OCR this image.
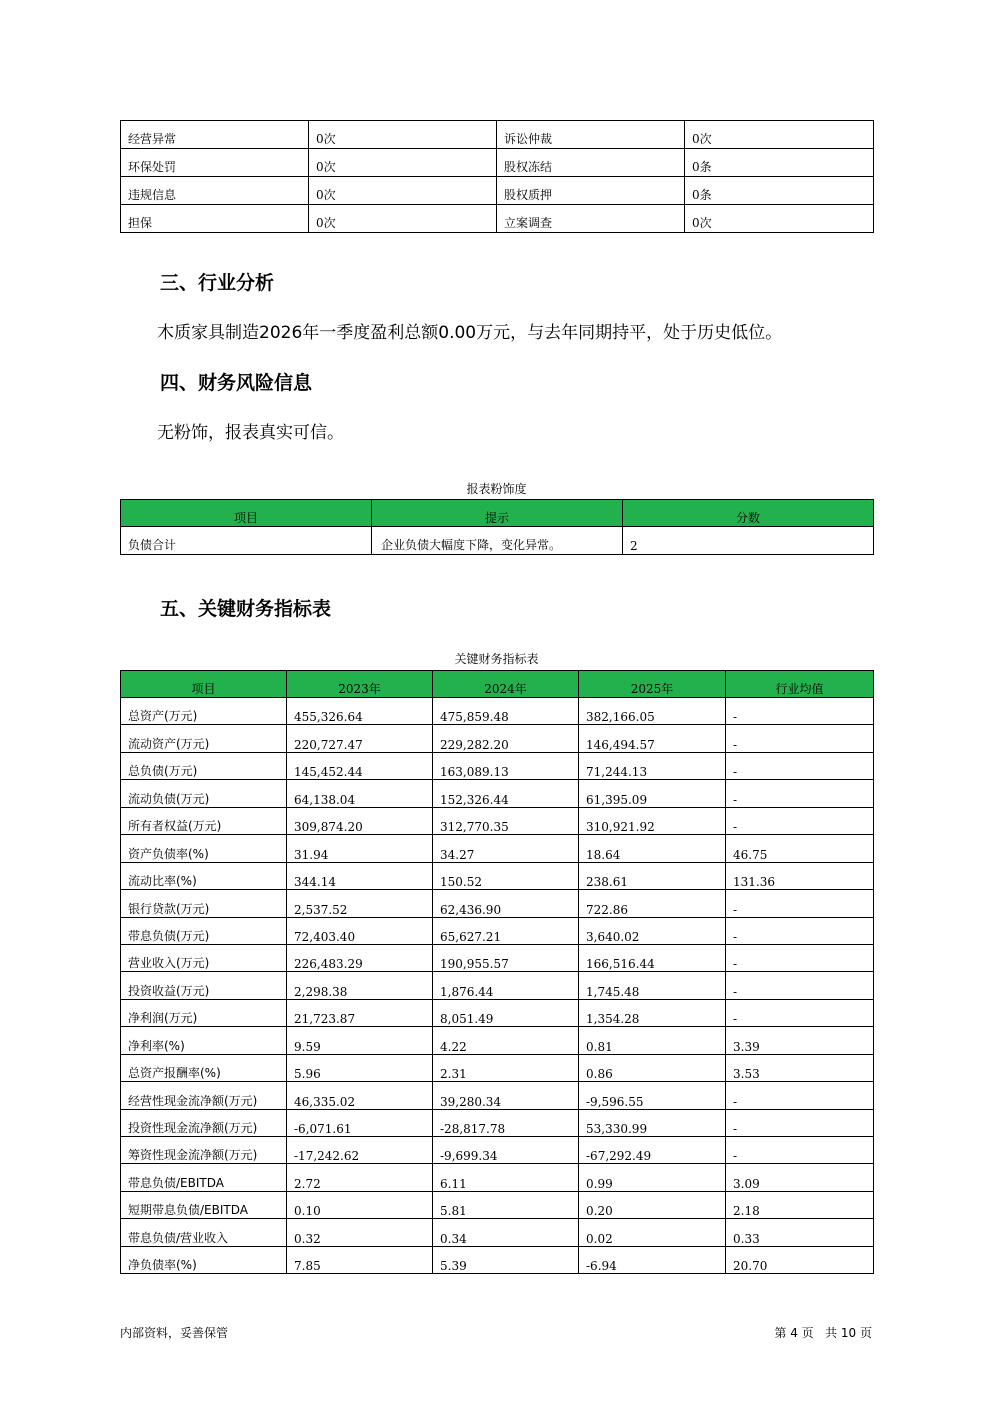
经营异常	0次	诉讼仲裁	0次
环保处罚	0次	股权冻结	0条
违规信息	0次	股权质押	0条
担保	0次	立案调查	0次
三、行业分析

木质家具制造2026年一季度盈利总额0.00万元，与去年同期持平，处于历史低位。

四、财务风险信息

无粉饰，报表真实可信。

报表粉饰度
项目	提示	分数
负债合计	企业负债大幅度下降，变化异常。	2
五、关键财务指标表
关键财务指标表
项目	2023年	2024年	2025年	行业均值
总资产(万元)	455,326.64	475,859.48	382,166.05	-
流动资产(万元)	220,727.47	229,282.20	146,494.57	-
总负债(万元)	145,452.44	163,089.13	71,244.13	-
流动负债(万元)	64,138.04	152,326.44	61,395.09	-
所有者权益(万元)	309,874.20	312,770.35	310,921.92	-
资产负债率(%)	31.94	34.27	18.64	46.75
流动比率(%)	344.14	150.52	238.61	131.36
银行贷款(万元)	2,537.52	62,436.90	722.86	-
带息负债(万元)	72,403.40	65,627.21	3,640.02	-
营业收入(万元)	226,483.29	190,955.57	166,516.44	-
投资收益(万元)	2,298.38	1,876.44	1,745.48	-
净利润(万元)	21,723.87	8,051.49	1,354.28	-
净利率(%)	9.59	4.22	0.81	3.39
总资产报酬率(%)	5.96	2.31	0.86	3.53
经营性现金流净额(万元)	46,335.02	39,280.34	-9,596.55	-
投资性现金流净额(万元)	-6,071.61	-28,817.78	53,330.99	-
筹资性现金流净额(万元)	-17,242.62	-9,699.34	-67,292.49	-
带息负债/EBITDA	2.72	6.11	0.99	3.09
短期带息负债/EBITDA	0.10	5.81	0.20	2.18
带息负债/营业收入	0.32	0.34	0.02	0.33
净负债率(%)	7.85	5.39	-6.94	20.70
内部资料，妥善保管	第 4 页   共 10 页
